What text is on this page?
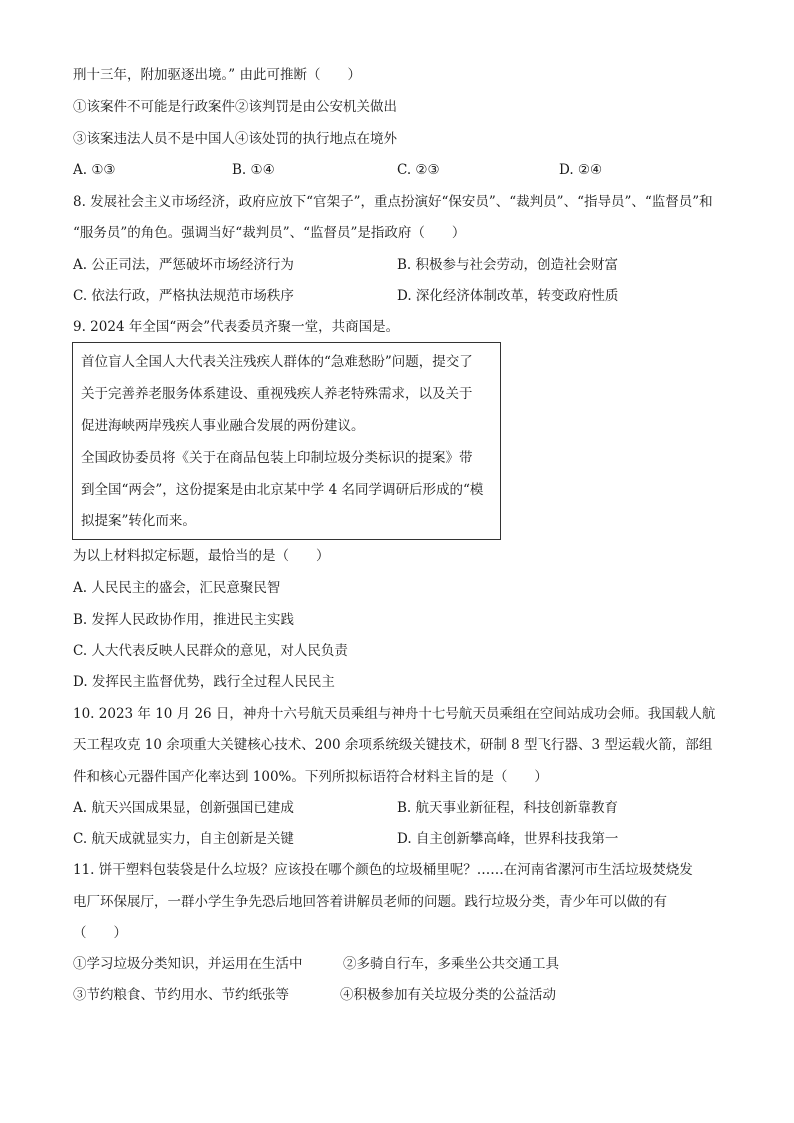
刑十三年，附加驱逐出境。” 由此可推断（　　）
①该案件不可能是行政案件②该判罚是由公安机关做出
③该案违法人员不是中国人④该处罚的执行地点在境外
A. ①③	B. ①④	C. ②③	D. ②④
8. 发展社会主义市场经济，政府应放下“官架子”，重点扮演好“保安员”、“裁判员”、“指导员”、“监督员”和
“服务员”的角色。强调当好“裁判员”、“监督员”是指政府（　　）
A. 公正司法，严惩破坏市场经济行为	B. 积极参与社会劳动，创造社会财富
C. 依法行政，严格执法规范市场秩序	D. 深化经济体制改革，转变政府性质
9. 2024 年全国“两会”代表委员齐聚一堂，共商国是。
首位盲人全国人大代表关注残疾人群体的“急难愁盼”问题，提交了
关于完善养老服务体系建设、重视残疾人养老特殊需求，以及关于
促进海峡两岸残疾人事业融合发展的两份建议。
全国政协委员将《关于在商品包装上印制垃圾分类标识的提案》带
到全国“两会”，这份提案是由北京某中学 4 名同学调研后形成的“模
拟提案”转化而来。
为以上材料拟定标题，最恰当的是（　　）
A. 人民民主的盛会，汇民意聚民智
B. 发挥人民政协作用，推进民主实践
C. 人大代表反映人民群众的意见，对人民负责
D. 发挥民主监督优势，践行全过程人民民主
10. 2023 年 10 月 26 日，神舟十六号航天员乘组与神舟十七号航天员乘组在空间站成功会师。我国载人航
天工程攻克 10 余项重大关键核心技术、200 余项系统级关键技术，研制 8 型飞行器、3 型运载火箭，部组
件和核心元器件国产化率达到 100%。下列所拟标语符合材料主旨的是（　　）
A. 航天兴国成果显，创新强国已建成	B. 航天事业新征程，科技创新靠教育
C. 航天成就显实力，自主创新是关键	D. 自主创新攀高峰，世界科技我第一
11. 饼干塑料包装袋是什么垃圾？应该投在哪个颜色的垃圾桶里呢？……在河南省漯河市生活垃圾焚烧发
电厂环保展厅，一群小学生争先恐后地回答着讲解员老师的问题。践行垃圾分类，青少年可以做的有
（　　）
①学习垃圾分类知识，并运用在生活中	②多骑自行车，多乘坐公共交通工具
③节约粮食、节约用水、节约纸张等	④积极参加有关垃圾分类的公益活动
